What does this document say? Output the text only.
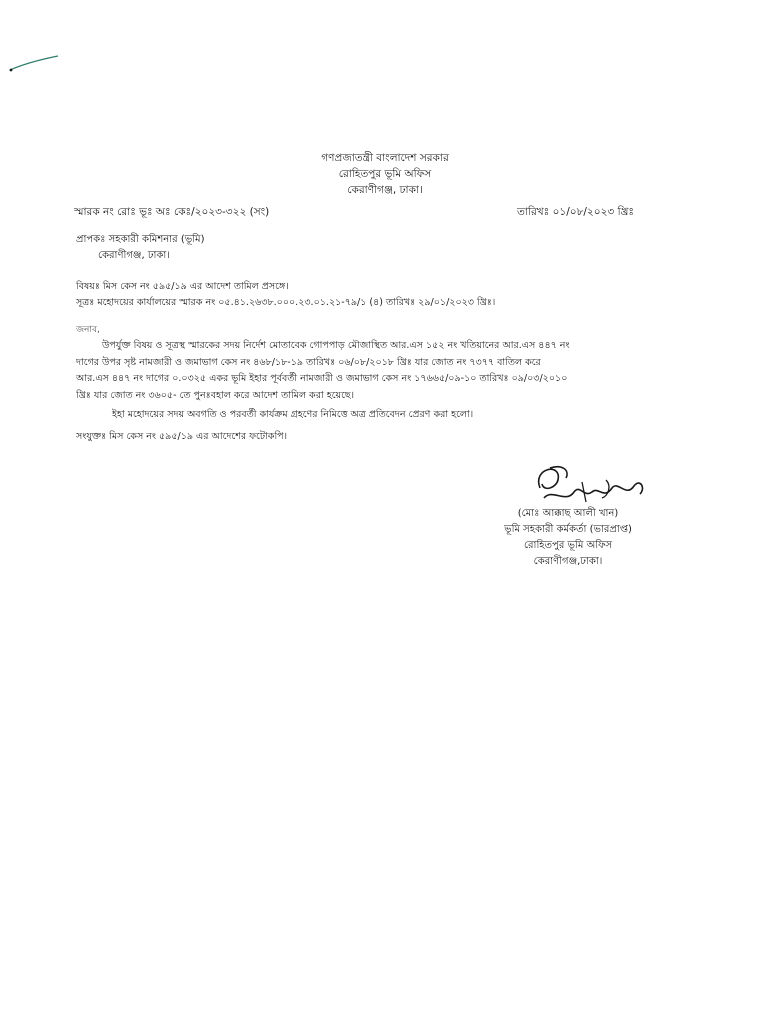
গণপ্রজাতন্ত্রী বাংলাদেশ সরকার
রোহিতপুর ভূমি অফিস
কেরাণীগঞ্জ, ঢাকা।
স্মারক নং রোঃ ভূঃ অঃ কেঃ/২০২৩-৩২২ (সং)	তারিখঃ ০১/০৮/২০২৩ খ্রিঃ
প্রাপকঃ সহকারী কমিশনার (ভূমি)
কেরাণীগঞ্জ, ঢাকা।
বিষয়ঃ মিস কেস নং ৫৯৫/১৯ এর আদেশ তামিল প্রসঙ্গে।
সূত্রঃ মহোদয়ের কার্যালয়ের স্মারক নং ০৫.৪১.২৬৩৮.০০০.২৩.০১.২১-৭৯/১ (৪) তারিখঃ ২৯/০১/২০২৩ খ্রিঃ।
জনাব,
উপর্যুক্ত বিষয় ও সূত্রস্থ স্মারকের সদয় নির্দেশ মোতাবেক গোপপাড় মৌজাস্থিত আর.এস ১৫২ নং খতিয়ানের আর.এস ৪৪৭ নং
দাগের উপর সৃষ্ট নামজারী ও জমাভাগ কেস নং ৪৬৮/১৮-১৯ তারিখঃ ০৬/০৮/২০১৮ খ্রিঃ যার জোত নং ৭৩৭৭ বাতিল করে
আর.এস ৪৪৭ নং দাগের ০.০৩২৫ একর ভূমি ইহার পূর্ববর্তী নামজারী ও জমাভাগ কেস নং ১৭৬৬৫/০৯-১০ তারিখঃ ০৯/০৩/২০১০
খ্রিঃ যার জোত নং ৩৬০৫- তে পুনঃবহাল করে আদেশ তামিল করা হয়েছে।
ইহা মহোদয়ের সদয় অবগতি ও পরবর্তী কার্যক্রম গ্রহণের নিমিত্তে অত্র প্রতিবেদন প্রেরণ করা হলো।
সংযুক্তঃ মিস কেস নং ৫৯৫/১৯ এর আদেশের ফটোকপি।
(মোঃ আক্কাছ আলী খান)
ভূমি সহকারী কর্মকর্তা (ভারপ্রাপ্ত)
রোহিতপুর ভূমি অফিস
কেরাণীগঞ্জ,ঢাকা।
